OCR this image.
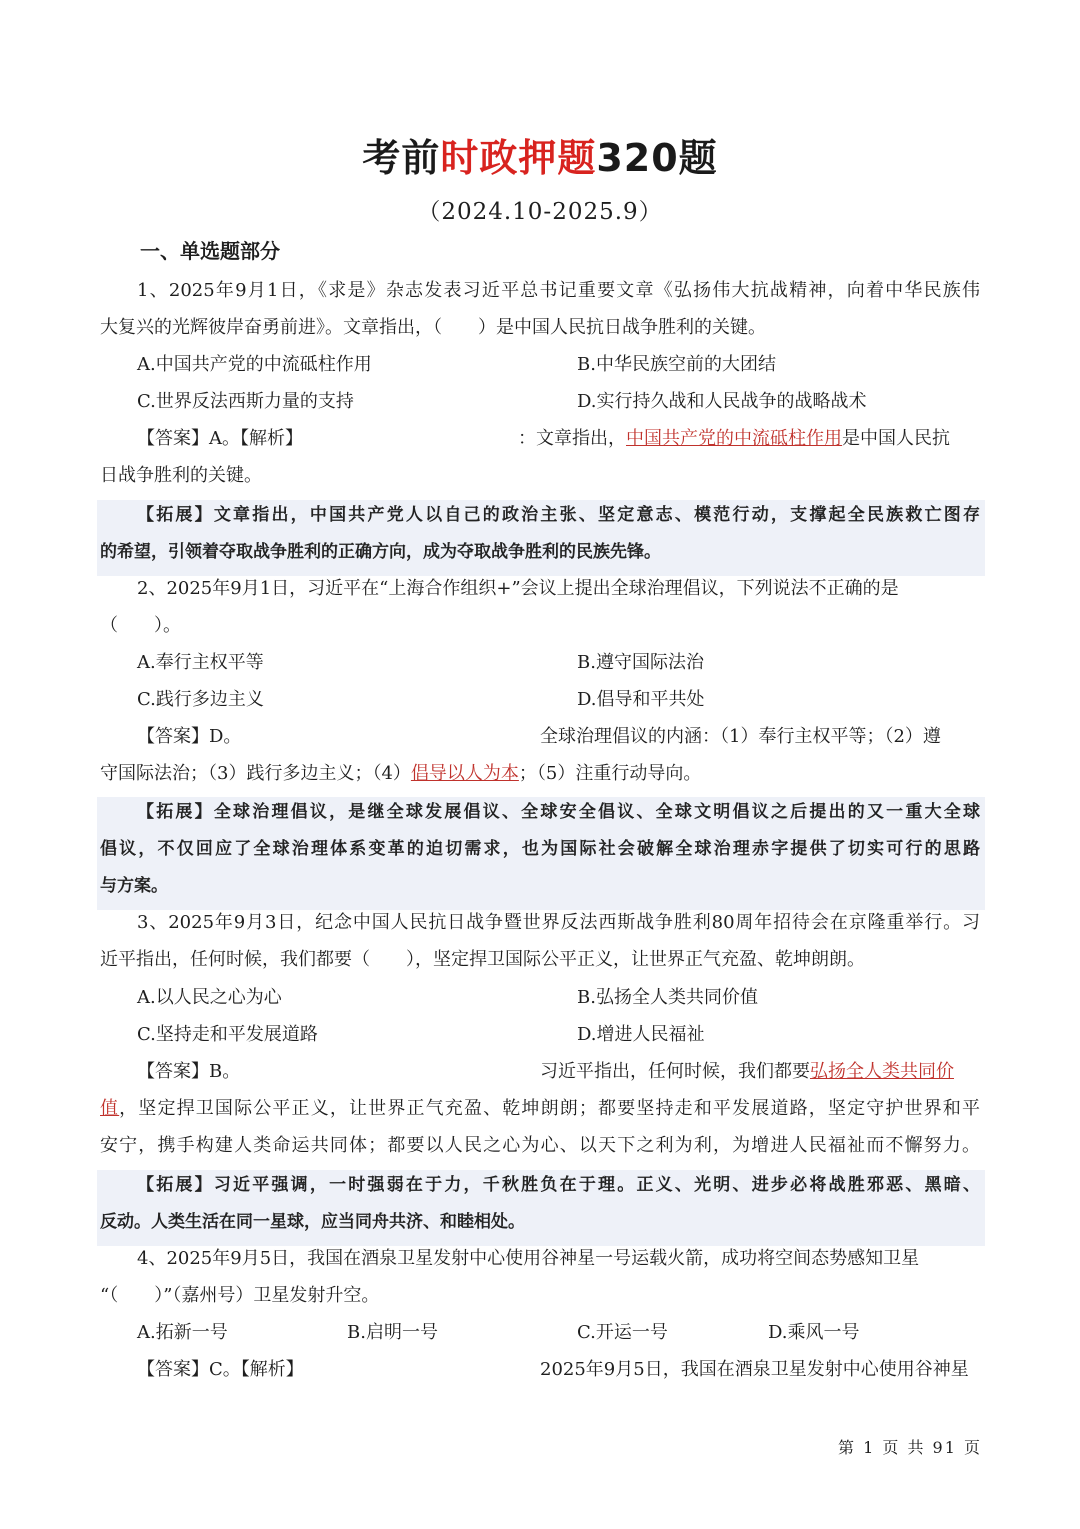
考前时政押题320题
（2024.10-2025.9）
一、单选题部分
1、2025年9月1日，《求是》杂志发表习近平总书记重要文章《弘扬伟大抗战精神，向着中华民族伟
大复兴的光辉彼岸奋勇前进》。文章指出，（　　）是中国人民抗日战争胜利的关键。
A.中国共产党的中流砥柱作用	B.中华民族空前的大团结
C.世界反法西斯力量的支持	D.实行持久战和人民战争的战略战术
【答案】A。【解析】	：文章指出，中国共产党的中流砥柱作用是中国人民抗
日战争胜利的关键。
【拓展】文章指出，中国共产党人以自己的政治主张、坚定意志、模范行动，支撑起全民族救亡图存
的希望，引领着夺取战争胜利的正确方向，成为夺取战争胜利的民族先锋。
2、2025年9月1日，习近平在“上海合作组织+”会议上提出全球治理倡议，下列说法不正确的是
（　　）。
A.奉行主权平等	B.遵守国际法治
C.践行多边主义	D.倡导和平共处
【答案】D。	全球治理倡议的内涵：（1）奉行主权平等；（2）遵
守国际法治；（3）践行多边主义；（4）倡导以人为本；（5）注重行动导向。
【拓展】全球治理倡议，是继全球发展倡议、全球安全倡议、全球文明倡议之后提出的又一重大全球
倡议，不仅回应了全球治理体系变革的迫切需求，也为国际社会破解全球治理赤字提供了切实可行的思路
与方案。
3、2025年9月3日，纪念中国人民抗日战争暨世界反法西斯战争胜利80周年招待会在京隆重举行。习
近平指出，任何时候，我们都要（　　），坚定捍卫国际公平正义，让世界正气充盈、乾坤朗朗。
A.以人民之心为心	B.弘扬全人类共同价值
C.坚持走和平发展道路	D.增进人民福祉
【答案】B。	习近平指出，任何时候，我们都要弘扬全人类共同价
值，坚定捍卫国际公平正义，让世界正气充盈、乾坤朗朗；都要坚持走和平发展道路，坚定守护世界和平
安宁，携手构建人类命运共同体；都要以人民之心为心、以天下之利为利，为增进人民福祉而不懈努力。
【拓展】习近平强调，一时强弱在于力，千秋胜负在于理。正义、光明、进步必将战胜邪恶、黑暗、
反动。人类生活在同一星球，应当同舟共济、和睦相处。
4、2025年9月5日，我国在酒泉卫星发射中心使用谷神星一号运载火箭，成功将空间态势感知卫星
“（　　）”（嘉州号）卫星发射升空。
A.拓新一号	B.启明一号	C.开运一号	D.乘风一号
【答案】C。【解析】	2025年9月5日，我国在酒泉卫星发射中心使用谷神星
第 1 页 共 91 页
